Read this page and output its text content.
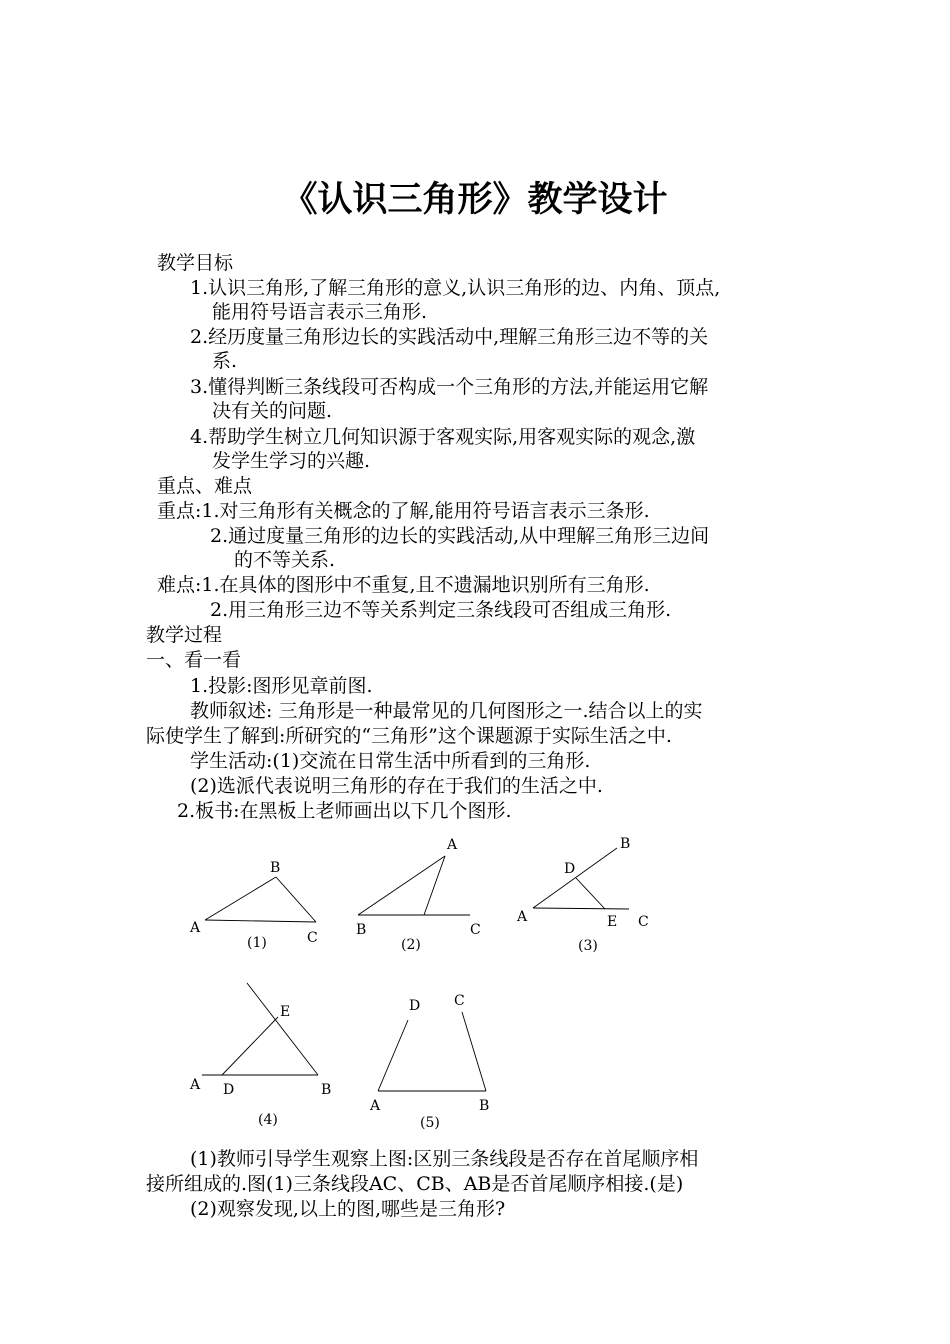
《认识三角形》教学设计
教学目标
1.认识三角形,了解三角形的意义,认识三角形的边、内角、顶点,
能用符号语言表示三角形.
2.经历度量三角形边长的实践活动中,理解三角形三边不等的关
系.
3.懂得判断三条线段可否构成一个三角形的方法,并能运用它解
决有关的问题.
4.帮助学生树立几何知识源于客观实际,用客观实际的观念,激
发学生学习的兴趣.
重点、难点
重点:1.对三角形有关概念的了解,能用符号语言表示三条形.
2.通过度量三角形的边长的实践活动,从中理解三角形三边间
的不等关系.
难点:1.在具体的图形中不重复,且不遗漏地识别所有三角形.
2.用三角形三边不等关系判定三条线段可否组成三角形.
教学过程
一、看一看
1.投影:图形见章前图.
教师叙述: 三角形是一种最常见的几何图形之一.结合以上的实
际使学生了解到:所研究的“三角形”这个课题源于实际生活之中.
学生活动:(1)交流在日常生活中所看到的三角形.
(2)选派代表说明三角形的存在于我们的生活之中.
2.板书:在黑板上老师画出以下几个图形.
B
A
C
(1)
A
B	C
(2)
B
D
A	E C
(3)
E
A D	B
(4)
D C
A	B
(5)
(1)教师引导学生观察上图:区别三条线段是否存在首尾顺序相
接所组成的.图(1)三条线段AC、CB、AB是否首尾顺序相接.(是)
(2)观察发现,以上的图,哪些是三角形?
